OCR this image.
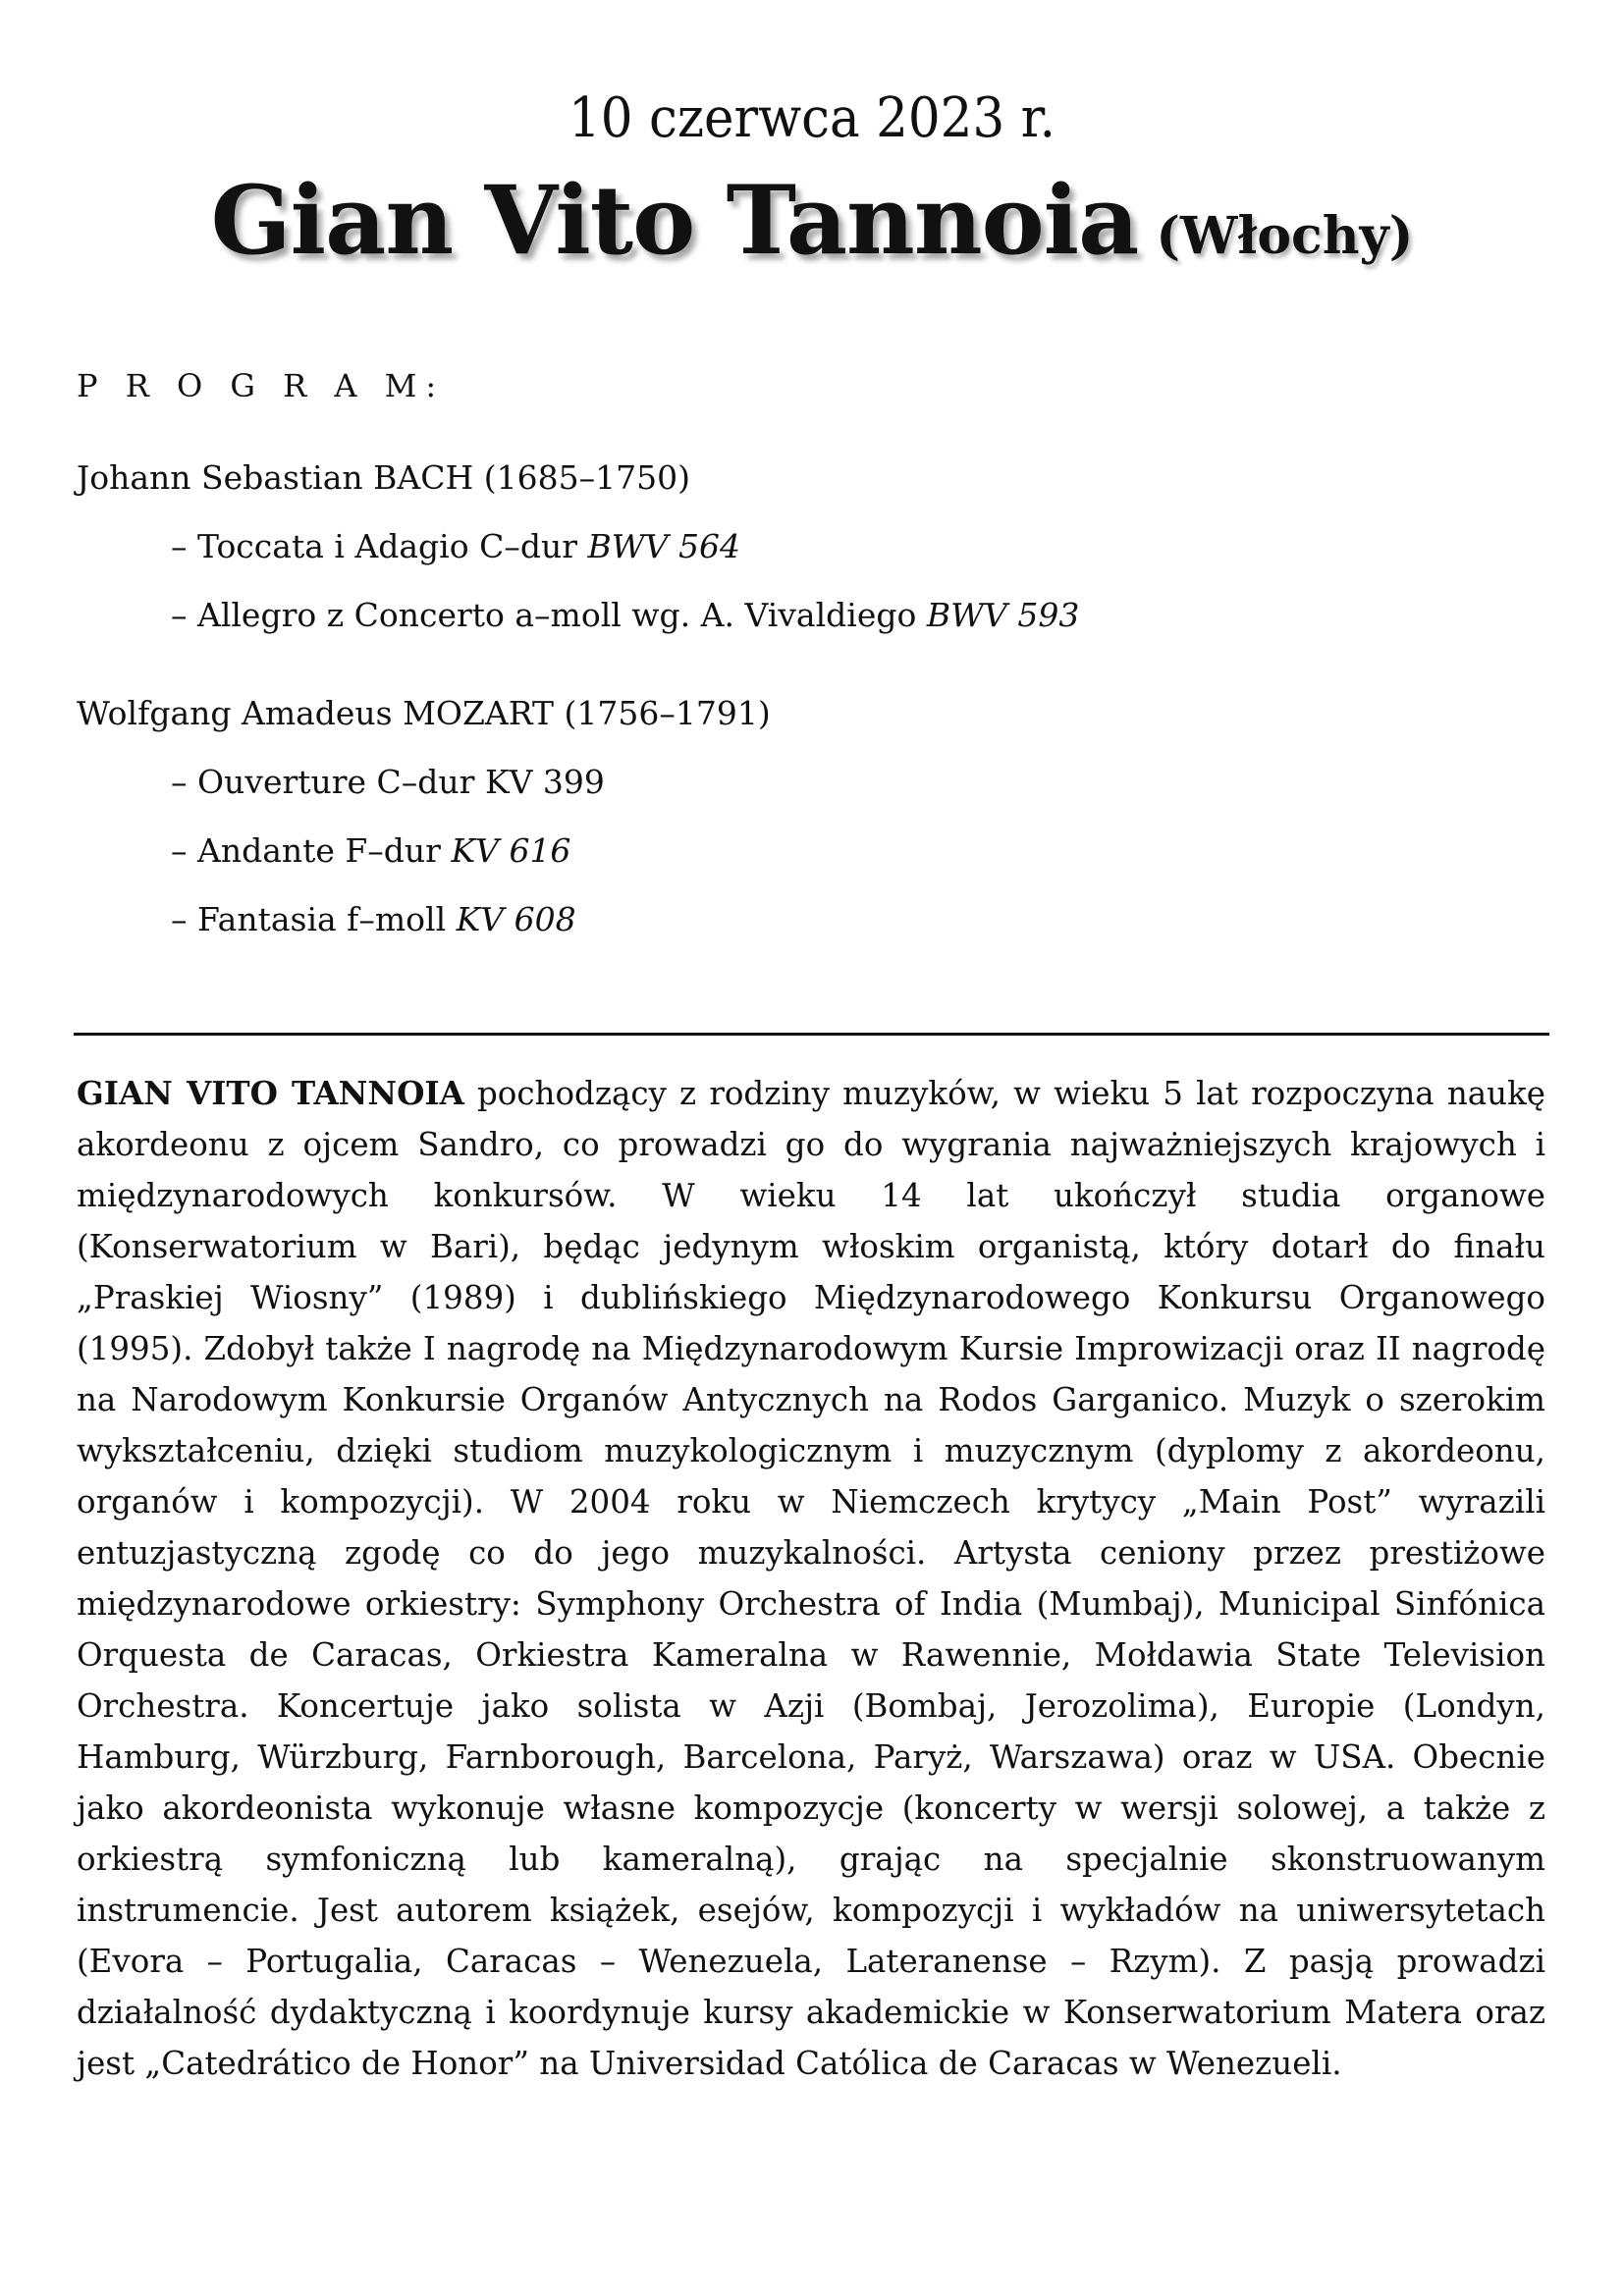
10 czerwca 2023 r.
Gian Vito Tannoia (Włochy)
P R O G R A M:
Johann Sebastian BACH (1685–1750)
– Toccata i Adagio C–dur BWV 564
– Allegro z Concerto a–moll wg. A. Vivaldiego BWV 593
Wolfgang Amadeus MOZART (1756–1791)
– Ouverture C–dur KV 399
– Andante F–dur KV 616
– Fantasia f–moll KV 608
GIAN VITO TANNOIA pochodzący z rodziny muzyków, w wieku 5 lat rozpoczyna naukę akordeonu z ojcem Sandro, co prowadzi go do wygrania najważniejszych krajowych i międzynarodowych konkursów. W wieku 14 lat ukończył studia organowe (Konserwatorium w Bari), będąc jedynym włoskim organistą, który dotarł do finału „Praskiej Wiosny” (1989) i dublińskiego Międzynarodowego Konkursu Organowego (1995). Zdobył także I nagrodę na Międzynarodowym Kursie Improwizacji oraz II nagrodę na Narodowym Konkursie Organów Antycznych na Rodos Garganico. Muzyk o szerokim wykształceniu, dzięki studiom muzykologicznym i muzycznym (dyplomy z akordeonu, organów i kompozycji). W 2004 roku w Niemczech krytycy „Main Post” wyrazili entuzjastyczną zgodę co do jego muzykalności. Artysta ceniony przez prestiżowe międzynarodowe orkiestry: Symphony Orchestra of India (Mumbaj), Municipal Sinfónica Orquesta de Caracas, Orkiestra Kameralna w Rawennie, Mołdawia State Television Orchestra. Koncertuje jako solista w Azji (Bombaj, Jerozolima), Europie (Londyn, Hamburg, Würzburg, Farnborough, Barcelona, Paryż, Warszawa) oraz w USA. Obecnie jako akordeonista wykonuje własne kompozycje (koncerty w wersji solowej, a także z orkiestrą symfoniczną lub kameralną), grając na specjalnie skonstruowanym instrumencie. Jest autorem książek, esejów, kompozycji i wykładów na uniwersytetach (Evora – Portugalia, Caracas – Wenezuela, Lateranense – Rzym). Z pasją prowadzi działalność dydaktyczną i koordynuje kursy akademickie w Konserwatorium Matera oraz jest „Catedrático de Honor” na Universidad Católica de Caracas w Wenezueli.
